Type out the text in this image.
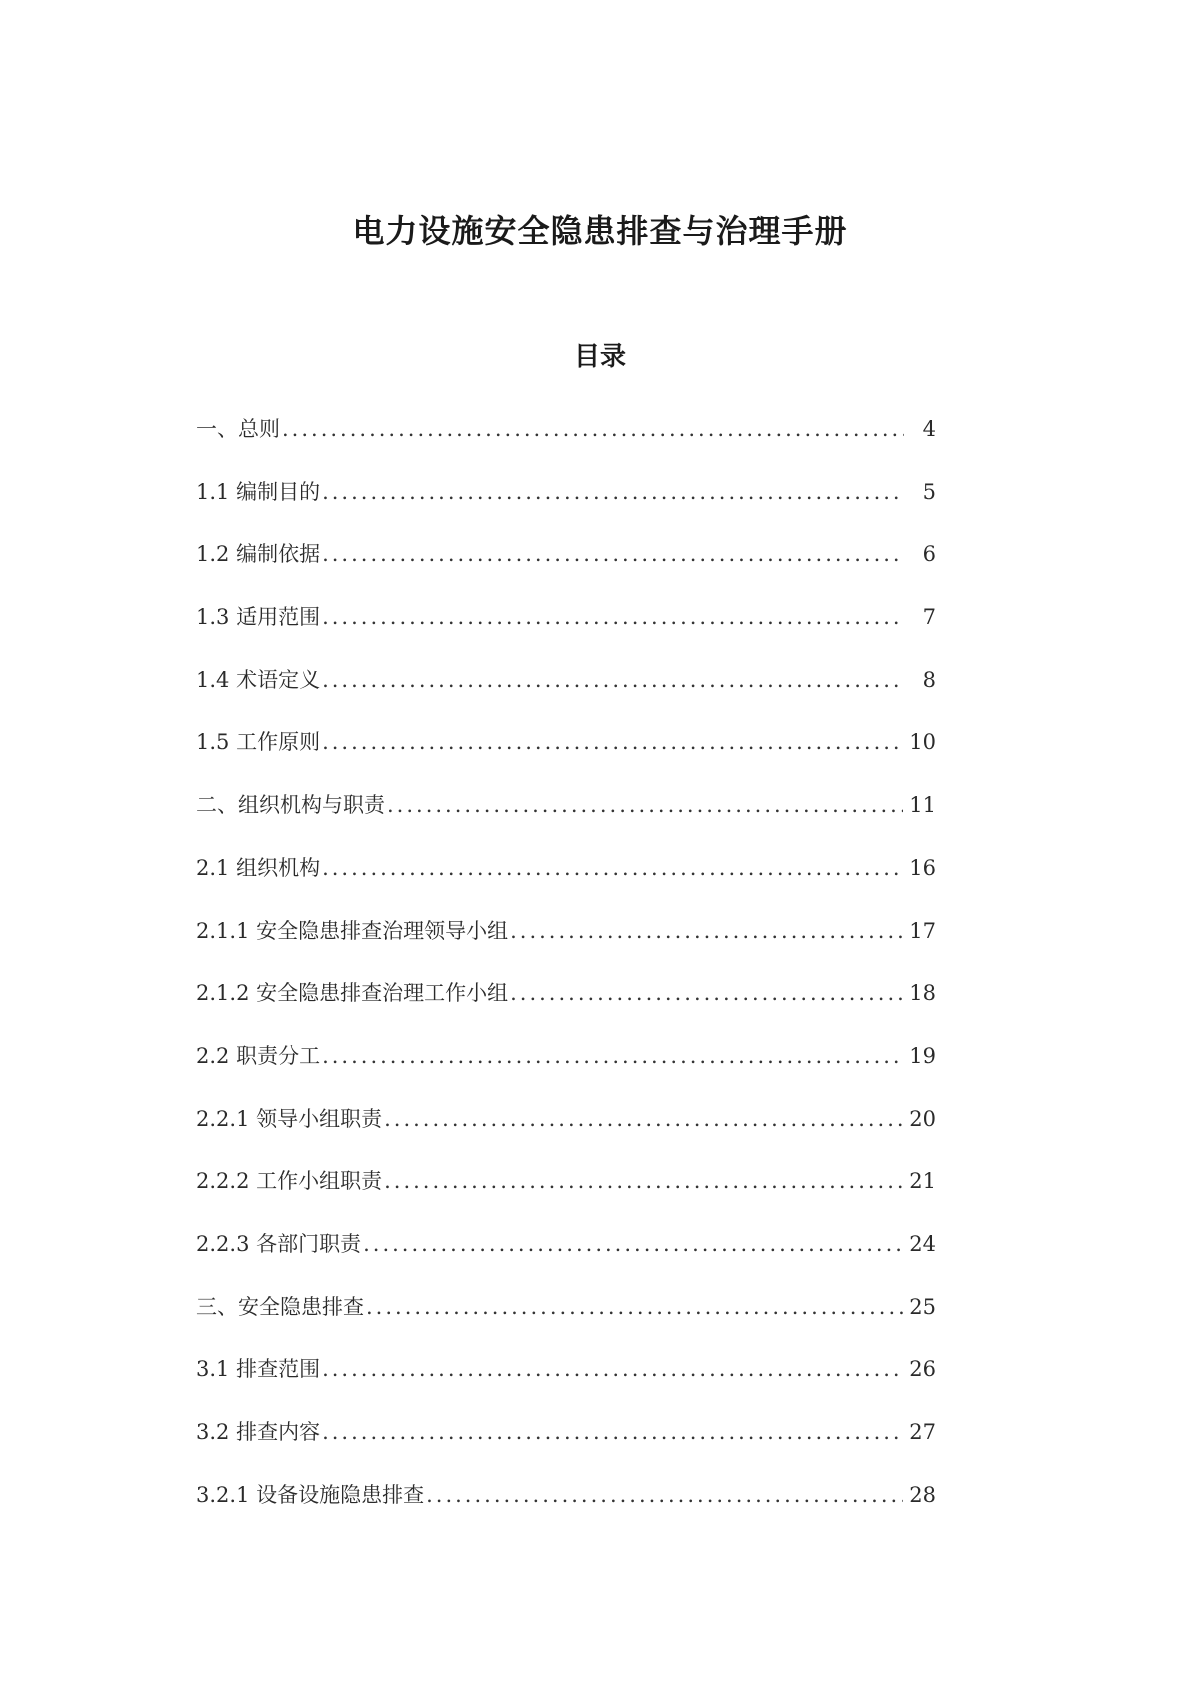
电力设施安全隐患排查与治理手册
目录
一、总则 .....	4
1.1 编制目的 .....	5
1.2 编制依据 .....	6
1.3 适用范围 .....	7
1.4 术语定义 .....	8
1.5 工作原则 .....	10
二、组织机构与职责 .....	11
2.1 组织机构 .....	16
2.1.1 安全隐患排查治理领导小组 .....	17
2.1.2 安全隐患排查治理工作小组 .....	18
2.2 职责分工 .....	19
2.2.1 领导小组职责 .....	20
2.2.2 工作小组职责 .....	21
2.2.3 各部门职责 .....	24
三、安全隐患排查 .....	25
3.1 排查范围 .....	26
3.2 排查内容 .....	27
3.2.1 设备设施隐患排查 .....	28
